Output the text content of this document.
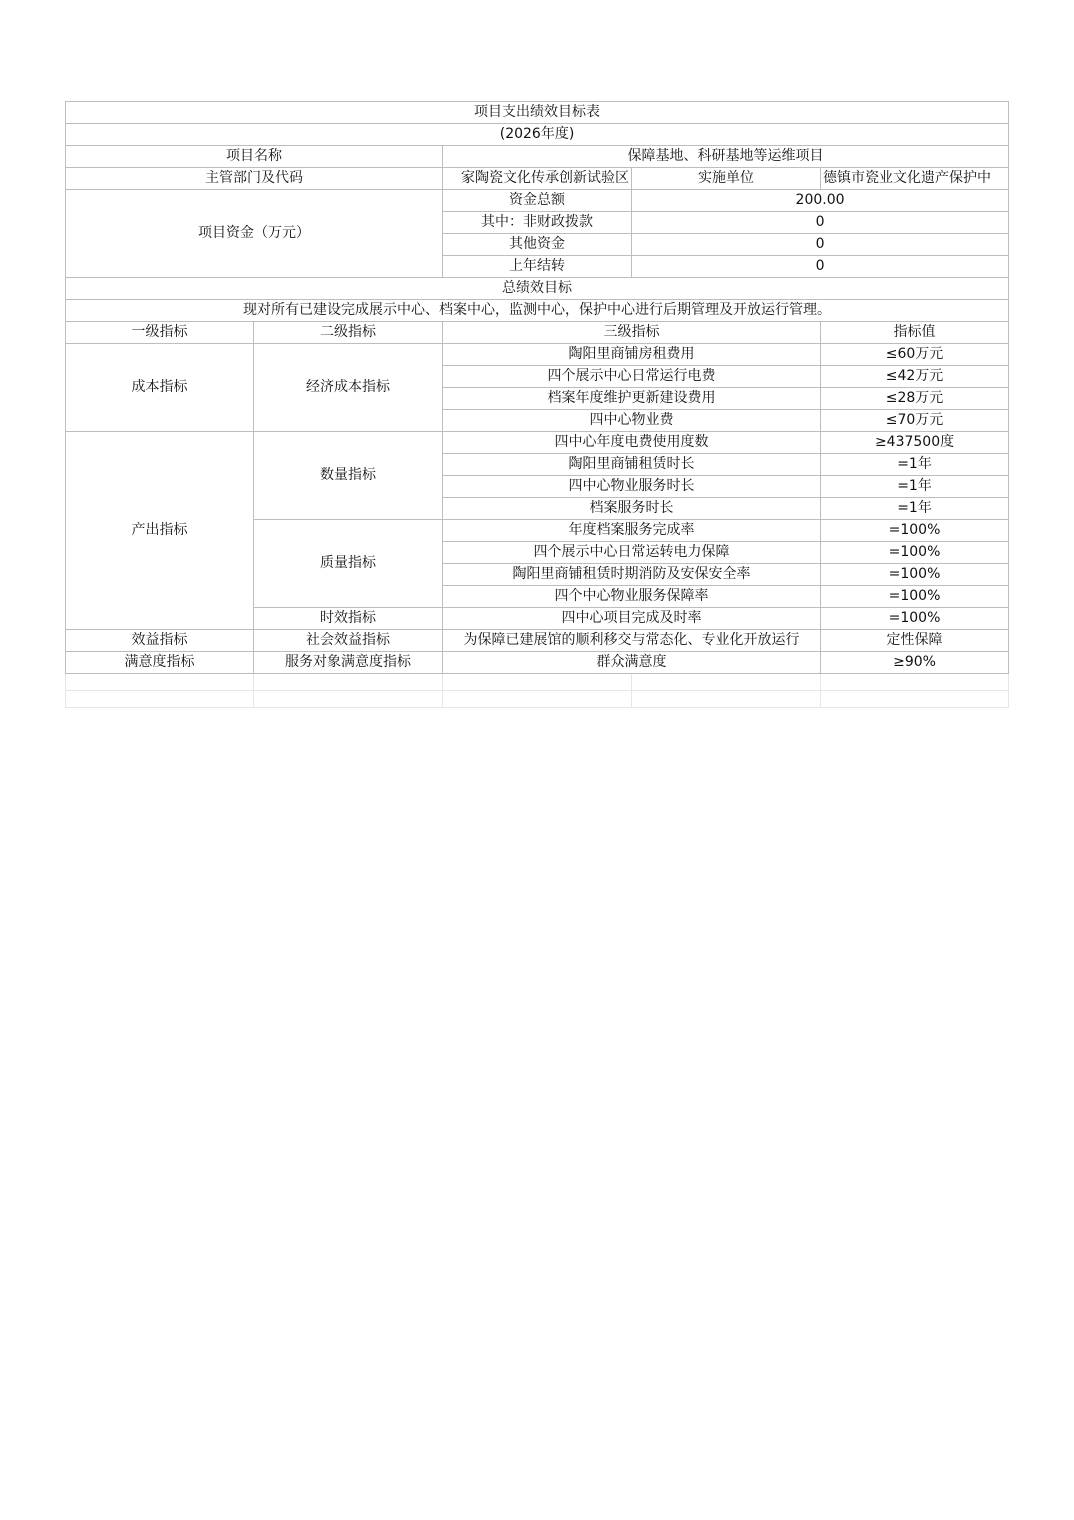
项目支出绩效目标表				
(2026年度)				
项目名称		保障基地、科研基地等运维项目		
主管部门及代码		家陶瓷文化传承创新试验区	实施单位	德镇市瓷业文化遗产保护中
项目资金（万元）		资金总额	200.00	
		其中：非财政拨款	0	
		其他资金	0	
		上年结转	0	
总绩效目标				
现对所有已建设完成展示中心、档案中心，监测中心，保护中心进行后期管理及开放运行管理。				
一级指标	二级指标	三级指标		指标值
成本指标	经济成本指标	陶阳里商铺房租费用		≤60万元
		四个展示中心日常运行电费		≤42万元
		档案年度维护更新建设费用		≤28万元
		四中心物业费		≤70万元
产出指标	数量指标	四中心年度电费使用度数		≥437500度
		陶阳里商铺租赁时长		=1年
		四中心物业服务时长		=1年
		档案服务时长		=1年
	质量指标	年度档案服务完成率		=100%
		四个展示中心日常运转电力保障		=100%
		陶阳里商铺租赁时期消防及安保安全率		=100%
		四个中心物业服务保障率		=100%
	时效指标	四中心项目完成及时率		=100%
效益指标	社会效益指标	为保障已建展馆的顺利移交与常态化、专业化开放运行		定性保障
满意度指标	服务对象满意度指标	群众满意度		≥90%
